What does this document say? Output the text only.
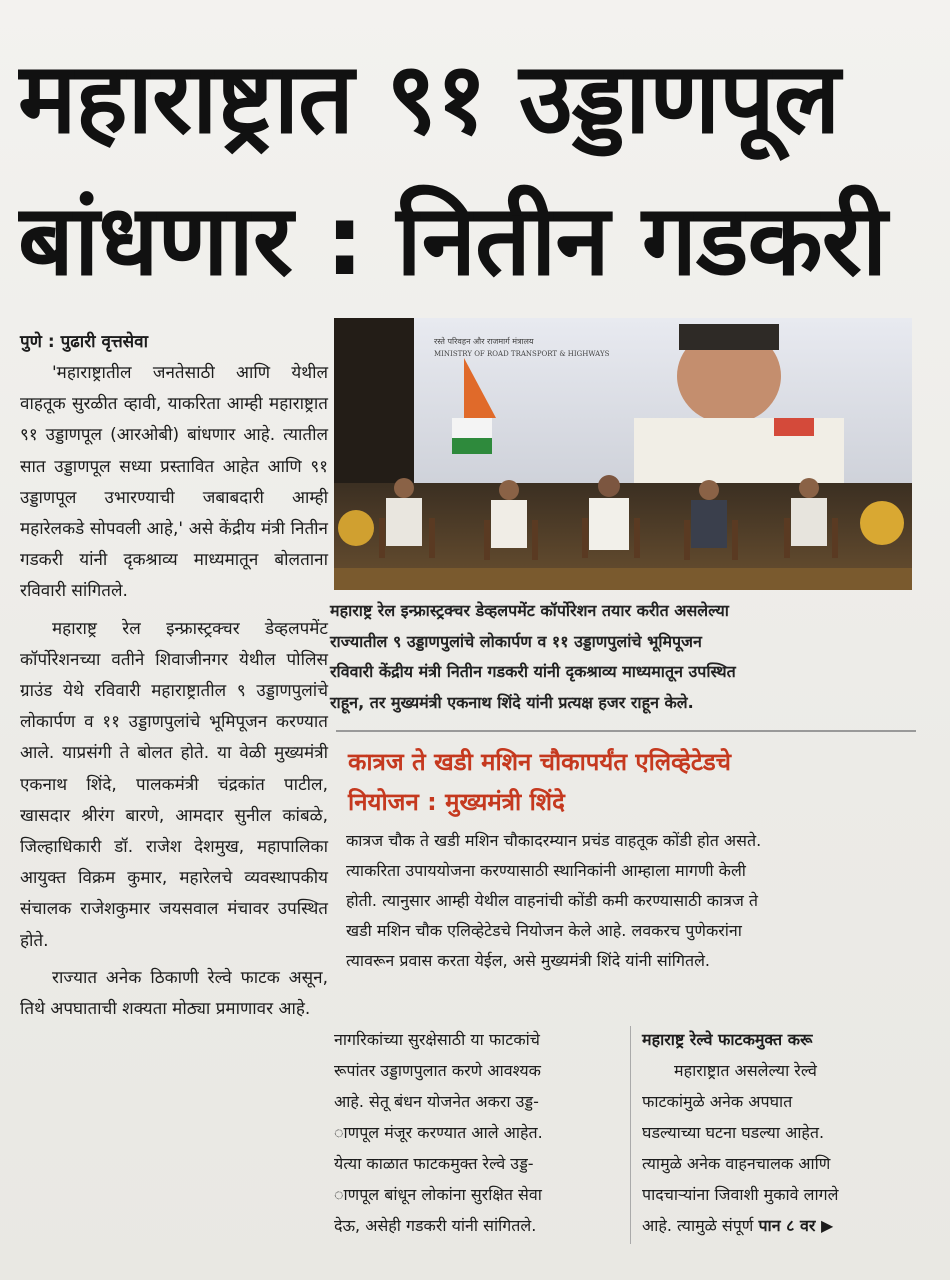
महाराष्ट्रात ९१ उड्डाणपूल
बांधणार : नितीन गडकरी
पुणे : पुढारी वृत्तसेवा

'महाराष्ट्रातील जनतेसाठी आणि येथील वाहतूक सुरळीत व्हावी, याकरिता आम्ही महाराष्ट्रात ९१ उड्डाणपूल (आरओबी) बांधणार आहे. त्यातील सात उड्डाणपूल सध्या प्रस्तावित आहेत आणि ९१ उड्डाणपूल उभारण्याची जबाबदारी आम्ही महारेलकडे सोपवली आहे,' असे केंद्रीय मंत्री नितीन गडकरी यांनी दृकश्राव्य माध्यमातून बोलताना रविवारी सांगितले.

महाराष्ट्र रेल इन्फ्रास्ट्रक्चर डेव्हलपमेंट कॉर्पोरेशनच्या वतीने शिवाजीनगर येथील पोलिस ग्राउंड येथे रविवारी महाराष्ट्रातील ९ उड्डाणपुलांचे लोकार्पण व ११ उड्डाणपुलांचे भूमिपूजन करण्यात आले. याप्रसंगी ते बोलत होते. या वेळी मुख्यमंत्री एकनाथ शिंदे, पालकमंत्री चंद्रकांत पाटील, खासदार श्रीरंग बारणे, आमदार सुनील कांबळे, जिल्हाधिकारी डॉ. राजेश देशमुख, महापालिका आयुक्त विक्रम कुमार, महारेलचे व्यवस्थापकीय संचालक राजेशकुमार जयसवाल मंचावर उपस्थित होते.

राज्यात अनेक ठिकाणी रेल्वे फाटक असून, तिथे अपघाताची शक्यता मोठ्या प्रमाणावर आहे.

रस्ते परिवहन और राजमार्ग मंत्रालय
MINISTRY OF ROAD TRANSPORT & HIGHWAYS
महाराष्ट्र रेल इन्फ्रास्ट्रक्चर डेव्हलपमेंट कॉर्पोरेशन तयार करीत असलेल्या
राज्यातील ९ उड्डाणपुलांचे लोकार्पण व ११ उड्डाणपुलांचे भूमिपूजन
रविवारी केंद्रीय मंत्री नितीन गडकरी यांनी दृकश्राव्य माध्यमातून उपस्थित
राहून, तर मुख्यमंत्री एकनाथ शिंदे यांनी प्रत्यक्ष हजर राहून केले.
कात्रज ते खडी मशिन चौकापर्यंत एलिव्हेटेडचे
नियोजन : मुख्यमंत्री शिंदे
कात्रज चौक ते खडी मशिन चौकादरम्यान प्रचंड वाहतूक कोंडी होत असते.
त्याकरिता उपाययोजना करण्यासाठी स्थानिकांनी आम्हाला मागणी केली
होती. त्यानुसार आम्ही येथील वाहनांची कोंडी कमी करण्यासाठी कात्रज ते
खडी मशिन चौक एलिव्हेटेडचे नियोजन केले आहे. लवकरच पुणेकरांना
त्यावरून प्रवास करता येईल, असे मुख्यमंत्री शिंदे यांनी सांगितले.
नागरिकांच्या सुरक्षेसाठी या फाटकांचे
रूपांतर उड्डाणपुलात करणे आवश्यक
आहे. सेतू बंधन योजनेत अकरा उड्ड-
ाणपूल मंजूर करण्यात आले आहेत.
येत्या काळात फाटकमुक्त रेल्वे उड्ड-
ाणपूल बांधून लोकांना सुरक्षित सेवा
देऊ, असेही गडकरी यांनी सांगितले.
महाराष्ट्र रेल्वे फाटकमुक्त करू
महाराष्ट्रात असलेल्या रेल्वे
फाटकांमुळे अनेक अपघात
घडल्याच्या घटना घडल्या आहेत.
त्यामुळे अनेक वाहनचालक आणि
पादचाऱ्यांना जिवाशी मुकावे लागले
आहे. त्यामुळे संपूर्ण पान ८ वर ▶
